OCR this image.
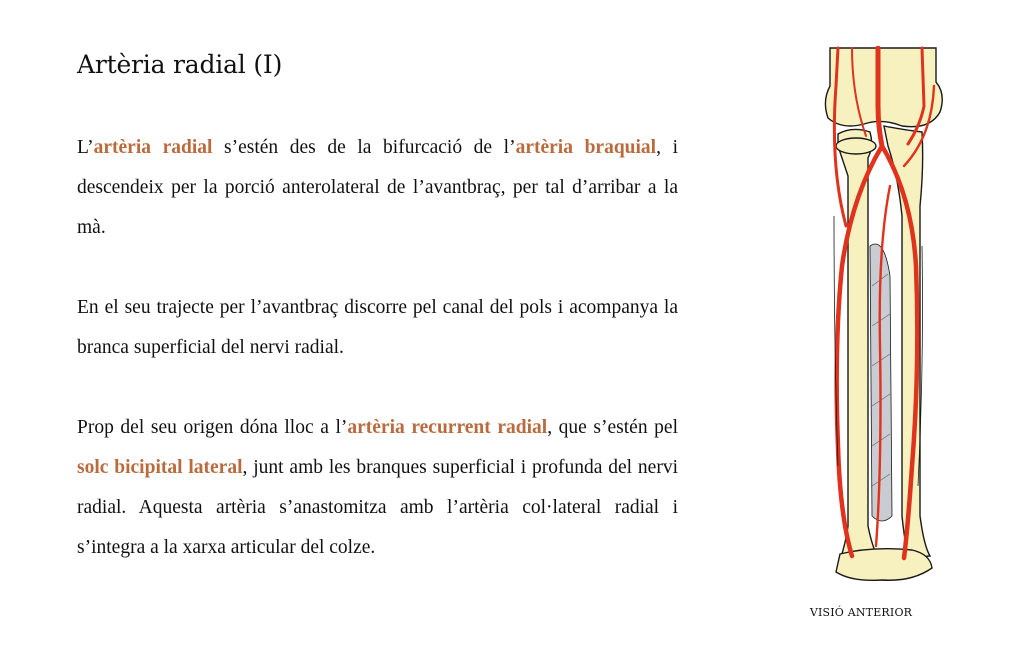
Artèria radial (I)

L’artèria radial s’estén des de la bifurcació de l’artèria braquial, i descendeix per la porció anterolateral de l’avantbraç, per tal d’arribar a la mà.

En el seu trajecte per l’avantbraç discorre pel canal del pols i acompanya la branca superficial del nervi radial.

Prop del seu origen dóna lloc a l’artèria recurrent radial, que s’estén pel solc bicipital lateral, junt amb les branques superficial i profunda del nervi radial. Aquesta artèria s’anastomitza amb l’artèria col·lateral radial i s’integra a la xarxa articular del colze.

VISIÓ ANTERIOR
